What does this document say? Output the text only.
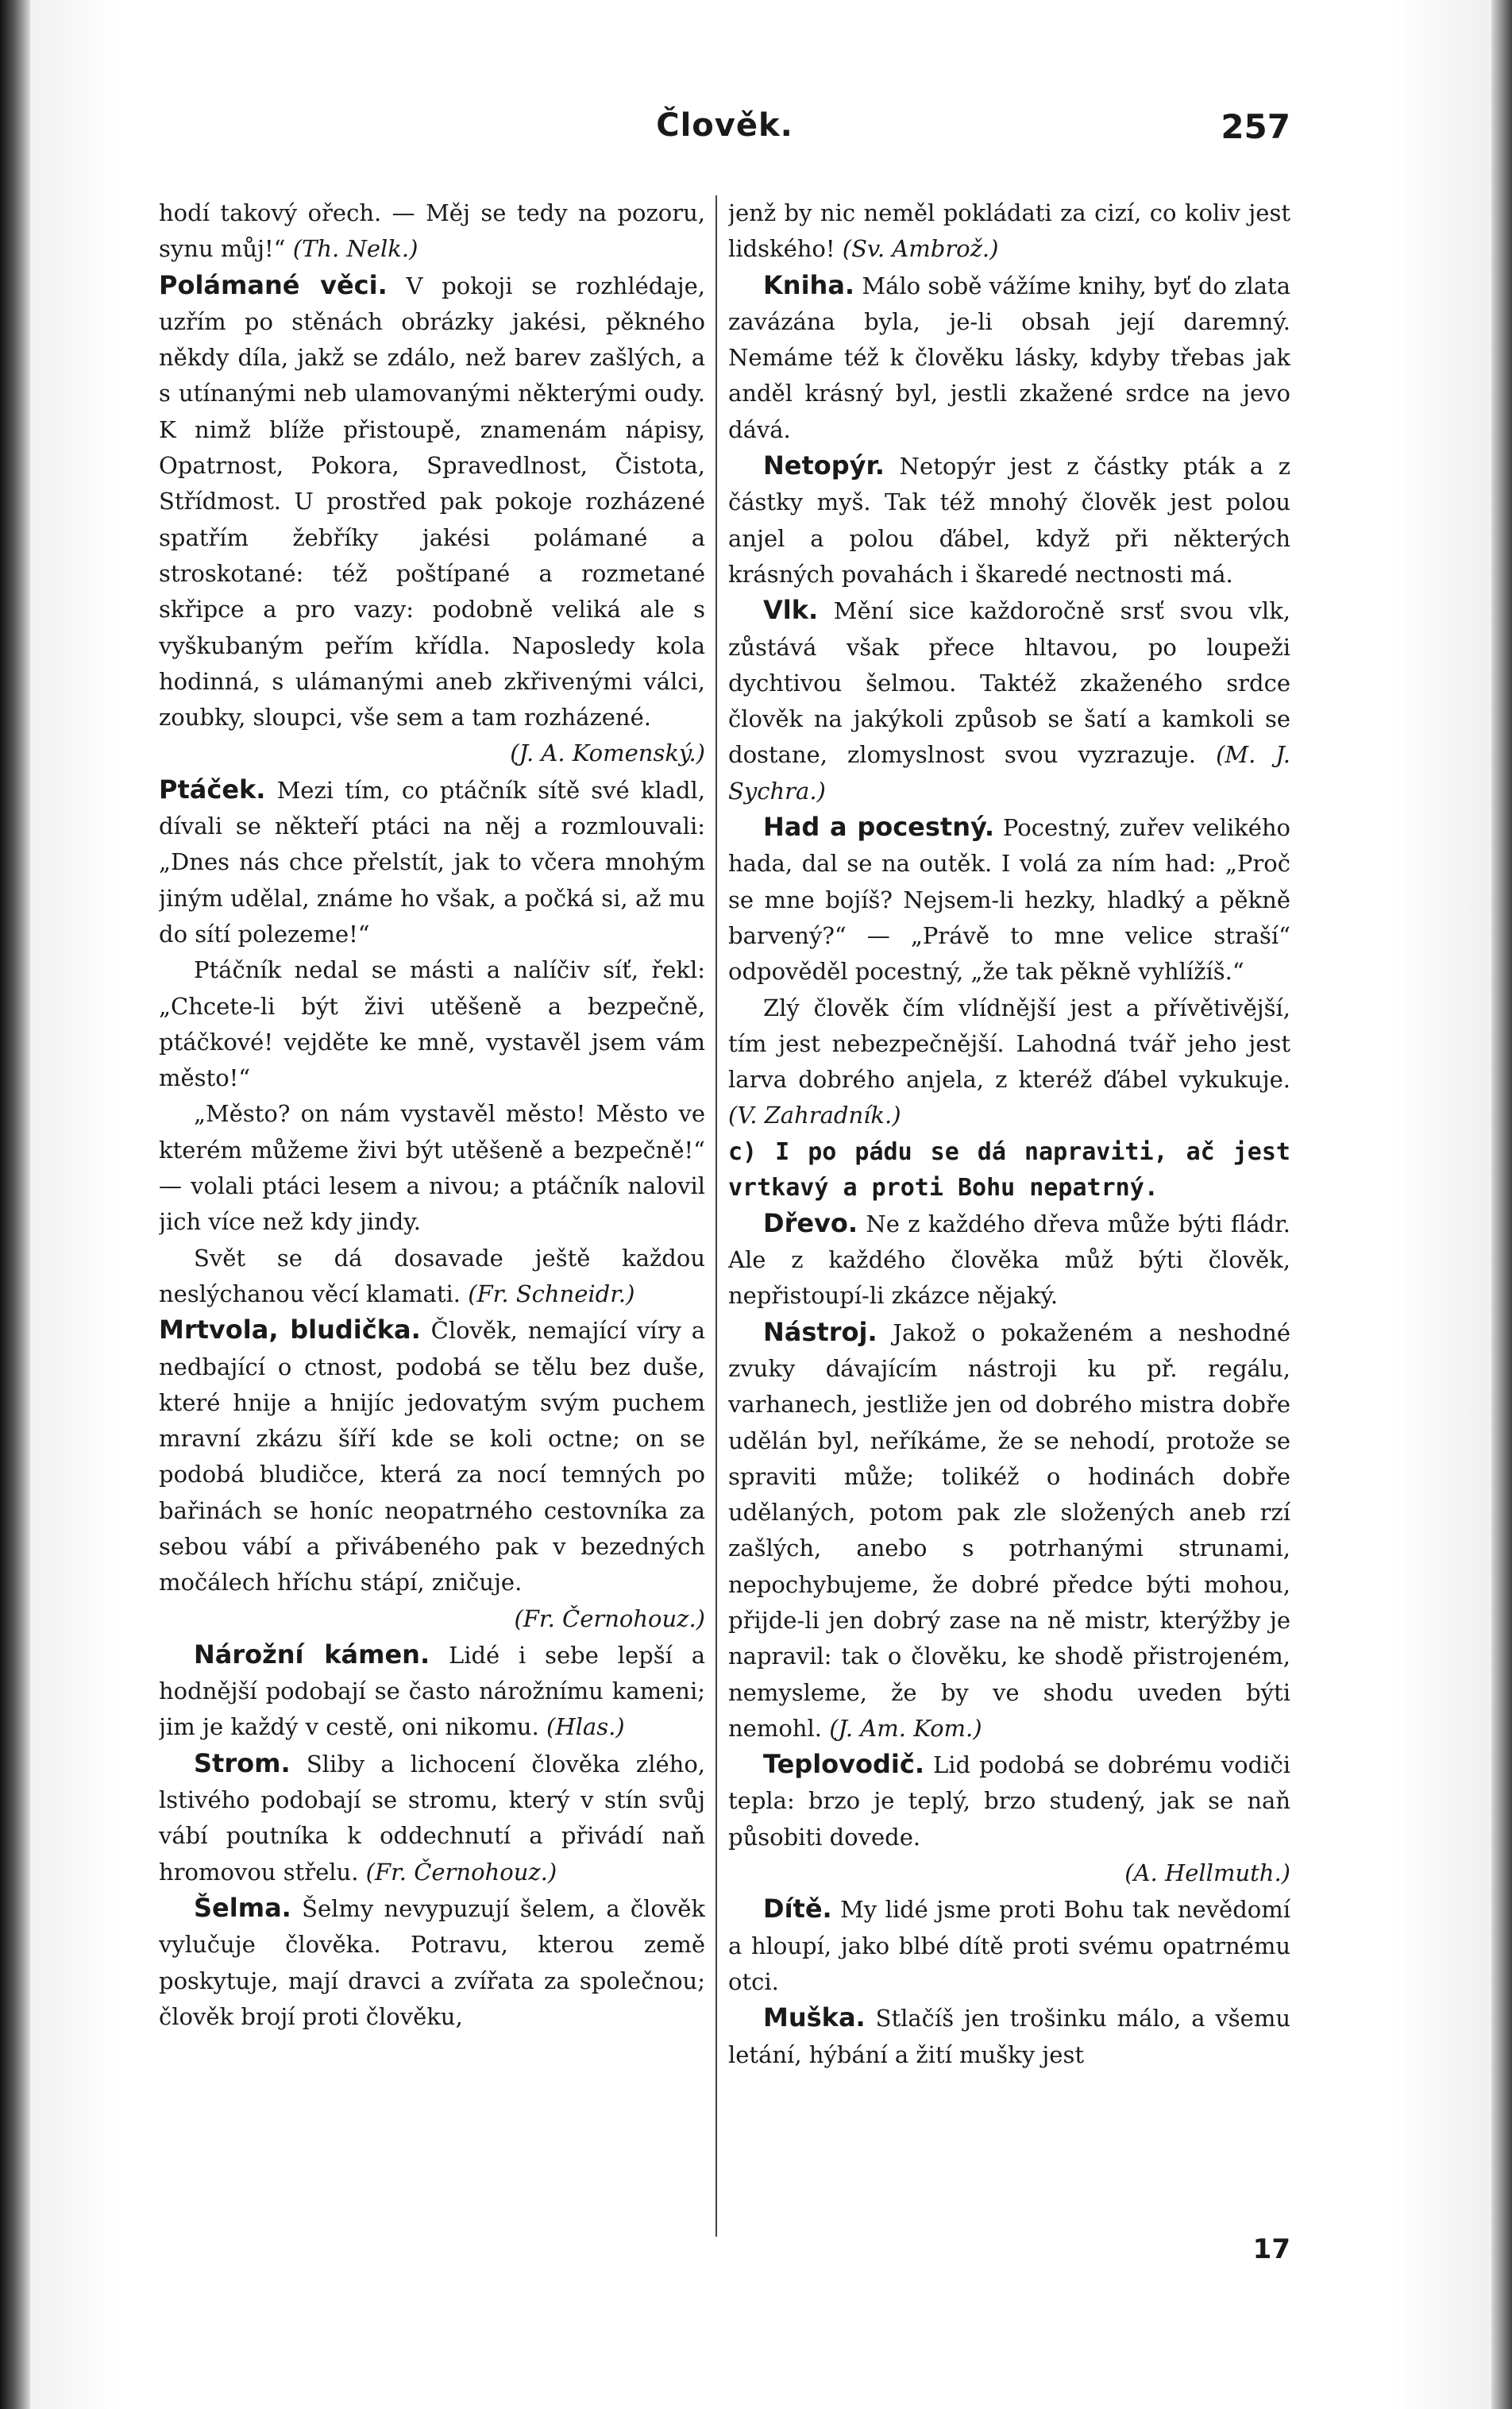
Člověk.	257

hodí takový ořech. — Měj se tedy na pozoru, synu můj!“ (Th. Nelk.)

Polámané věci. V pokoji se rozhlédaje, uzřím po stěnách obrázky jakési, pěkného někdy díla, jakž se zdálo, než barev zašlých, a s utínanými neb ulamovanými některými oudy. K nimž blíže přistoupě, znamenám nápisy, Opatrnost, Pokora, Spravedlnost, Čistota, Střídmost. U prostřed pak pokoje rozházené spatřím žebříky jakési polámané a stroskotané: též poštípané a rozmetané skřipce a pro vazy: podobně veliká ale s vyškubaným peřím křídla. Naposledy kola hodinná, s ulámanými aneb zkřivenými válci, zoubky, sloupci, vše sem a tam rozházené.

(J. A. Komenský.)

Ptáček. Mezi tím, co ptáčník sítě své kladl, dívali se někteří ptáci na něj a rozmlouvali: „Dnes nás chce přelstít, jak to včera mnohým jiným udělal, známe ho však, a počká si, až mu do sítí polezeme!“

Ptáčník nedal se másti a nalíčiv síť, řekl: „Chcete-li být živi utěšeně a bezpečně, ptáčkové! vejděte ke mně, vystavěl jsem vám město!“

„Město? on nám vystavěl město! Město ve kterém můžeme živi být utěšeně a bezpečně!“ — volali ptáci lesem a nivou; a ptáčník nalovil jich více než kdy jindy.

Svět se dá dosavade ještě každou neslýchanou věcí klamati. (Fr. Schneidr.)

Mrtvola, bludička. Člověk, nemající víry a nedbající o ctnost, podobá se tělu bez duše, které hnije a hnijíc jedovatým svým puchem mravní zkázu šíří kde se koli octne; on se podobá bludičce, která za nocí temných po bařinách se honíc neopatrného cestovníka za sebou vábí a přivábeného pak v bezedných močálech hříchu stápí, zničuje.

(Fr. Černohouz.)

Nárožní kámen. Lidé i sebe lepší a hodnější podobají se často nárožnímu kameni; jim je každý v cestě, oni nikomu. (Hlas.)

Strom. Sliby a lichocení člověka zlého, lstivého podobají se stromu, který v stín svůj vábí poutníka k oddechnutí a přivádí naň hromovou střelu. (Fr. Černohouz.)

Šelma. Šelmy nevypuzují šelem, a člověk vylučuje člověka. Potravu, kterou země poskytuje, mají dravci a zvířata za společnou; člověk brojí proti člověku,

jenž by nic neměl pokládati za cizí, co koliv jest lidského! (Sv. Ambrož.)

Kniha. Málo sobě vážíme knihy, byť do zlata zavázána byla, je-li obsah její daremný. Nemáme též k člověku lásky, kdyby třebas jak anděl krásný byl, jestli zkažené srdce na jevo dává.

Netopýr. Netopýr jest z částky pták a z částky myš. Tak též mnohý člověk jest polou anjel a polou ďábel, když při některých krásných povahách i škaredé nectnosti má.

Vlk. Mění sice každoročně srsť svou vlk, zůstává však přece hltavou, po loupeži dychtivou šelmou. Taktéž zkaženého srdce člověk na jakýkoli způsob se šatí a kamkoli se dostane, zlomyslnost svou vyzrazuje. (M. J. Sychra.)

Had a pocestný. Pocestný, zuřev velikého hada, dal se na outěk. I volá za ním had: „Proč se mne bojíš? Nejsem-li hezky, hladký a pěkně barvený?“ — „Právě to mne velice straší“ odpověděl pocestný, „že tak pěkně vyhlížíš.“

Zlý člověk čím vlídnější jest a přívětivější, tím jest nebezpečnější. Lahodná tvář jeho jest larva dobrého anjela, z kteréž ďábel vykukuje. (V. Zahradník.)

c) I po pádu se dá napraviti, ač jest vrtkavý a proti Bohu nepatrný.

Dřevo. Ne z každého dřeva může býti fládr. Ale z každého člověka můž býti člověk, nepřistoupí-li zkázce nějaký.

Nástroj. Jakož o pokaženém a neshodné zvuky dávajícím nástroji ku př. regálu, varhanech, jestliže jen od dobrého mistra dobře udělán byl, neříkáme, že se nehodí, protože se spraviti může; tolikéž o hodinách dobře udělaných, potom pak zle složených aneb rzí zašlých, anebo s potrhanými strunami, nepochybujeme, že dobré předce býti mohou, přijde-li jen dobrý zase na ně mistr, kterýžby je napravil: tak o člověku, ke shodě přistrojeném, nemysleme, že by ve shodu uveden býti nemohl. (J. Am. Kom.)

Teplovodič. Lid podobá se dobrému vodiči tepla: brzo je teplý, brzo studený, jak se naň působiti dovede.

(A. Hellmuth.)

Dítě. My lidé jsme proti Bohu tak nevědomí a hloupí, jako blbé dítě proti svému opatrnému otci.

Muška. Stlačíš jen trošinku málo, a všemu letání, hýbání a žití mušky jest

17
